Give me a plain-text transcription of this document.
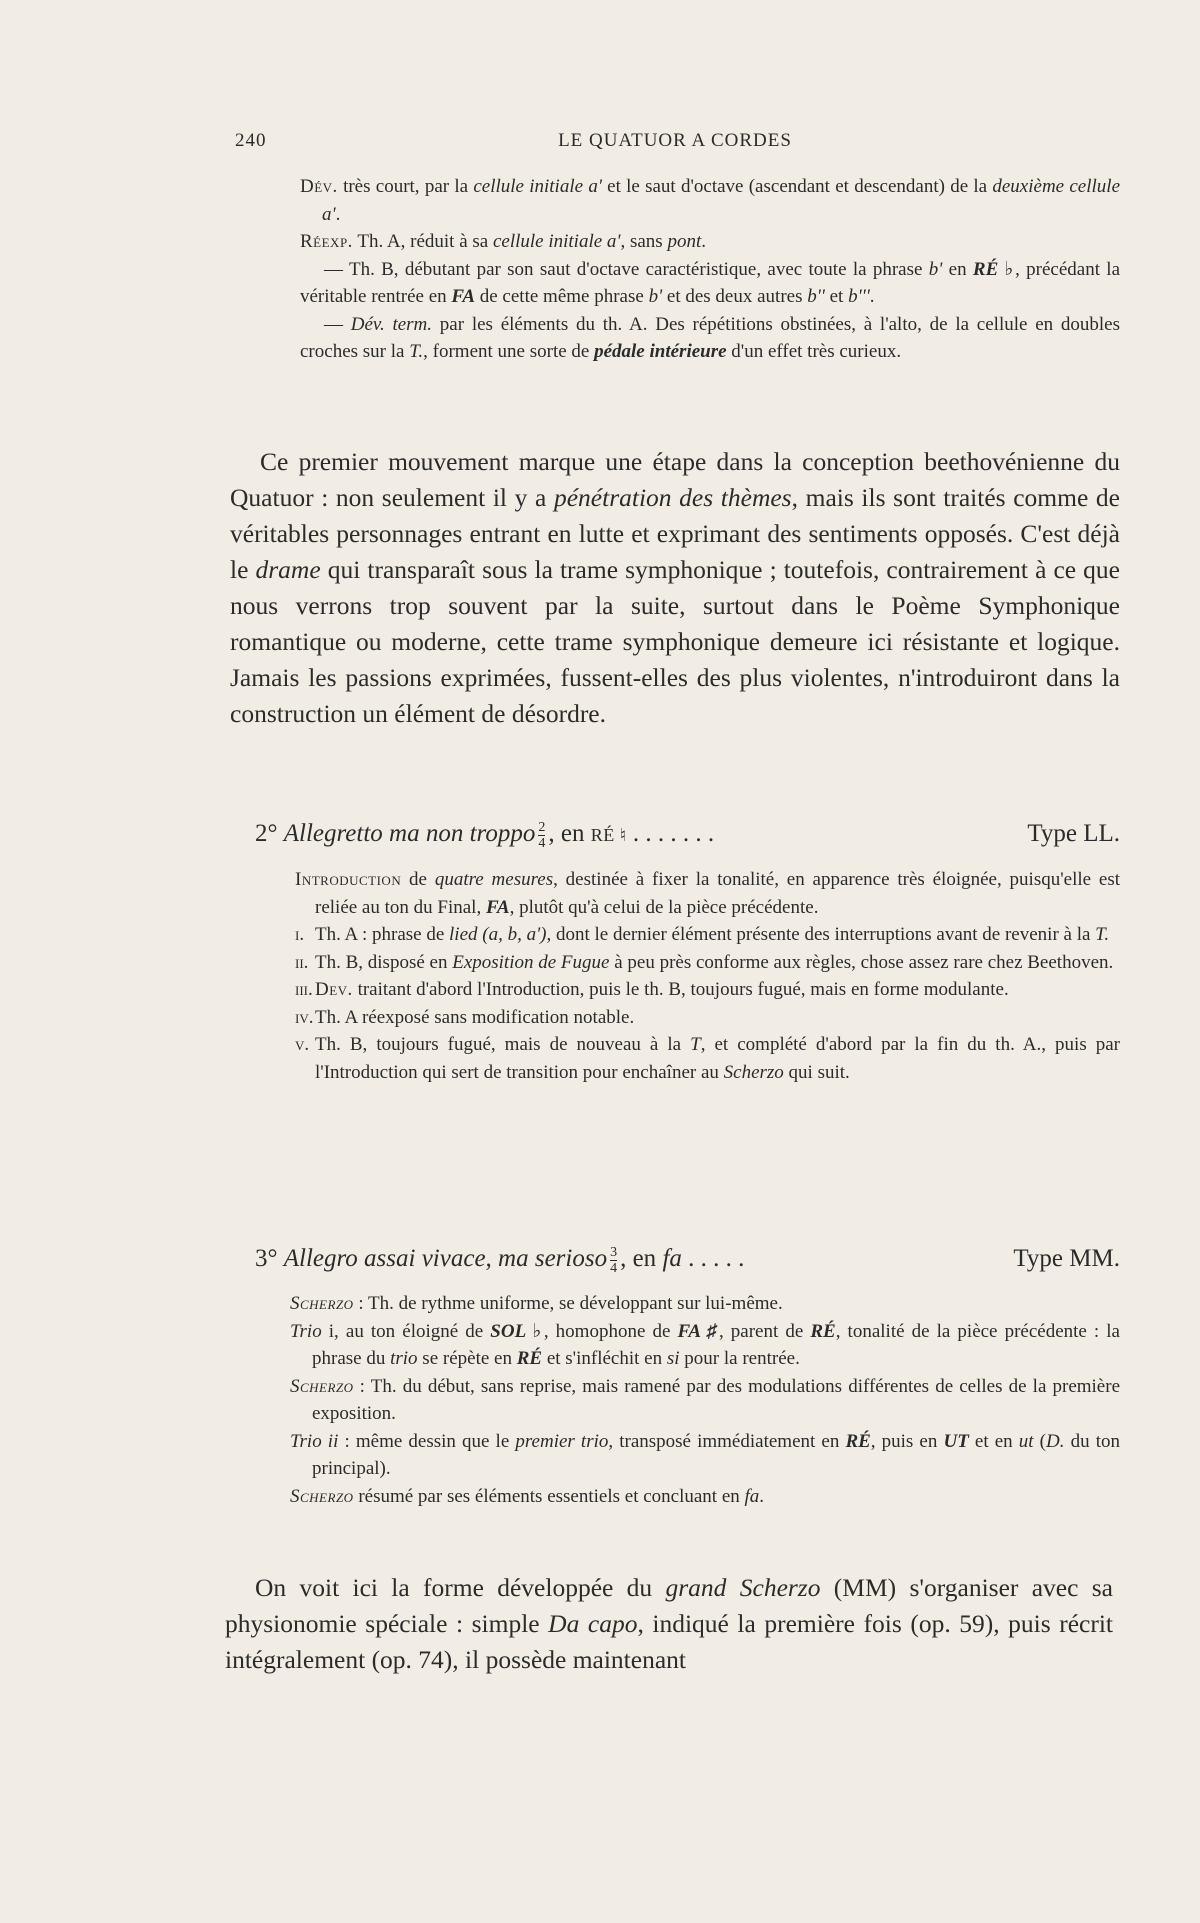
240	LE QUATUOR A CORDES

Dév. très court, par la cellule initiale a' et le saut d'octave (ascendant et descendant) de la deuxième cellule a'.

Réexp. Th. A, réduit à sa cellule initiale a', sans pont.

— Th. B, débutant par son saut d'octave caractéristique, avec toute la phrase b' en RÉ ♭, précédant la véritable rentrée en FA de cette même phrase b' et des deux autres b'' et b'''.

— Dév. term. par les éléments du th. A. Des répétitions obstinées, à l'alto, de la cellule en doubles croches sur la T., forment une sorte de pédale intérieure d'un effet très curieux.

Ce premier mouvement marque une étape dans la conception beethovénienne du Quatuor : non seulement il y a pénétration des thèmes, mais ils sont traités comme de véritables personnages entrant en lutte et exprimant des sentiments opposés. C'est déjà le drame qui transparaît sous la trame symphonique ; toutefois, contrairement à ce que nous verrons trop souvent par la suite, surtout dans le Poème Symphonique romantique ou moderne, cette trame symphonique demeure ici résistante et logique. Jamais les passions exprimées, fussent-elles des plus violentes, n'introduiront dans la construction un élément de désordre.

2° Allegretto ma non troppo $\frac{2}{4}$ , en RÉ ♮ . . . . . . .	Type LL.
Introduction de quatre mesures, destinée à fixer la tonalité, en apparence très éloignée, puisqu'elle est reliée au ton du Final, FA, plutôt qu'à celui de la pièce précédente.
i. Th. A : phrase de lied (a, b, a'), dont le dernier élément présente des interruptions avant de revenir à la T.
ii. Th. B, disposé en Exposition de Fugue à peu près conforme aux règles, chose assez rare chez Beethoven.
iii. Dev. traitant d'abord l'Introduction, puis le th. B, toujours fugué, mais en forme modulante.
iv. Th. A réexposé sans modification notable.
v. Th. B, toujours fugué, mais de nouveau à la T, et complété d'abord par la fin du th. A., puis par l'Introduction qui sert de transition pour enchaîner au Scherzo qui suit.
3° Allegro assai vivace, ma serioso $\frac{3}{4}$ , en fa . . . . .	Type MM.
Scherzo : Th. de rythme uniforme, se développant sur lui-même.
Trio i, au ton éloigné de SOL ♭, homophone de FA ♯, parent de RÉ, tonalité de la pièce précédente : la phrase du trio se répète en RÉ et s'infléchit en si pour la rentrée.
Scherzo : Th. du début, sans reprise, mais ramené par des modulations différentes de celles de la première exposition.
Trio ii : même dessin que le premier trio, transposé immédiatement en RÉ, puis en UT et en ut (D. du ton principal).
Scherzo résumé par ses éléments essentiels et concluant en fa.

On voit ici la forme développée du grand Scherzo (MM) s'organiser avec sa physionomie spéciale : simple Da capo, indiqué la première fois (op. 59), puis récrit intégralement (op. 74), il possède maintenant
